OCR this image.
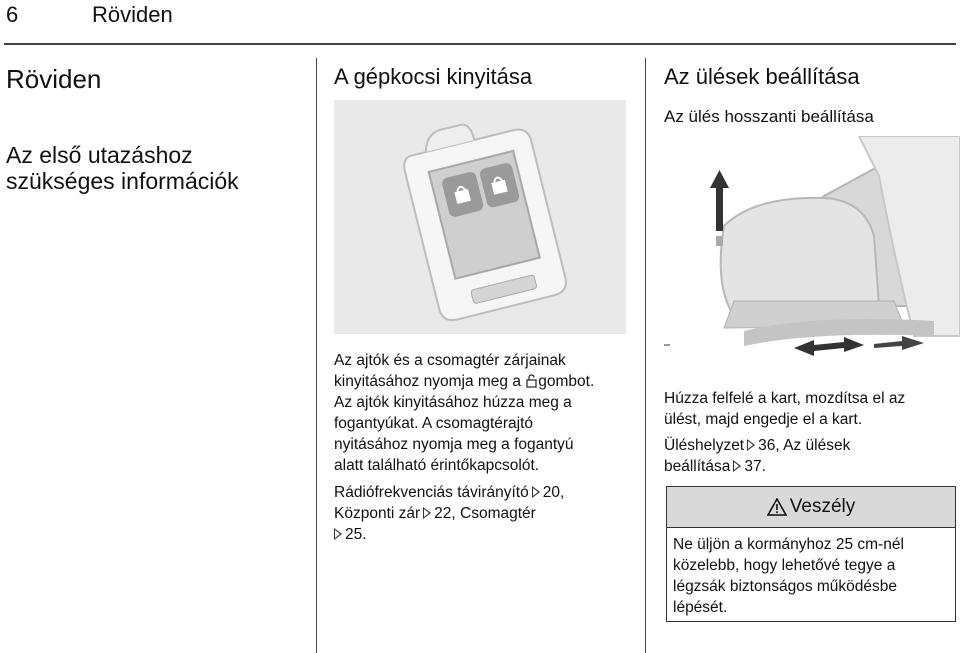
6	Röviden
Röviden
Az első utazáshoz
szükséges információk
A gépkocsi kinyitása
Az ajtók és a csomagtér zárjainak
kinyitásához nyomja meg a gombot.
Az ajtók kinyitásához húzza meg a
fogantyúkat. A csomagtérajtó
nyitásához nyomja meg a fogantyú
alatt található érintőkapcsolót.
Rádiófrekvenciás távirányító 20,
Központi zár 22, Csomagtér
25.
Az ülések beállítása
Az ülés hosszanti beállítása
Húzza felfelé a kart, mozdítsa el az
ülést, majd engedje el a kart.
Üléshelyzet 36, Az ülések
beállítása 37.
Veszély
Ne üljön a kormányhoz 25 cm-nél
közelebb, hogy lehetővé tegye a
légzsák biztonságos működésbe
lépését.
